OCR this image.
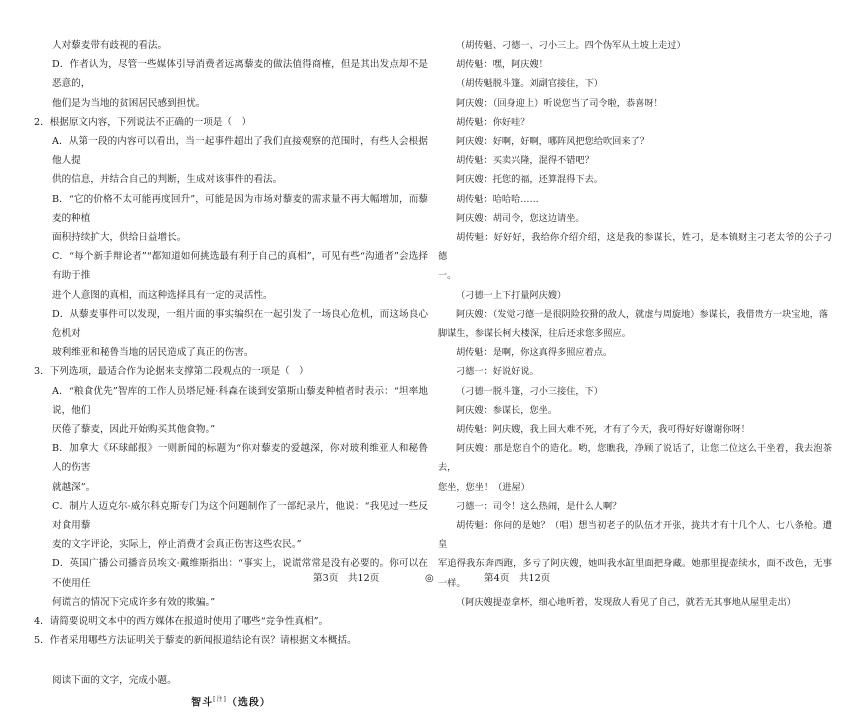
人对藜麦带有歧视的看法。

D．作者认为，尽管一些媒体引导消费者远离藜麦的做法值得商榷，但是其出发点却不是恶意的，

他们是为当地的贫困居民感到担忧。

2．根据原文内容，下列说法不正确的一项是（　）

A．从第一段的内容可以看出，当一起事件超出了我们直接观察的范围时，有些人会根据他人提

供的信息，并结合自己的判断，生成对该事件的看法。

B．“它的价格不太可能再度回升”，可能是因为市场对藜麦的需求量不再大幅增加，而藜麦的种植

面积持续扩大，供给日益增长。

C．“每个新手辩论者”“都知道如何挑选最有利于自己的真相”，可见有些“沟通者”会选择有助于推

进个人意图的真相，而这种选择具有一定的灵活性。

D．从藜麦事件可以发现，一组片面的事实编织在一起引发了一场良心危机，而这场良心危机对

玻利维亚和秘鲁当地的居民造成了真正的伤害。

3．下列选项，最适合作为论据来支撑第二段观点的一项是（　）

A．“粮食优先”智库的工作人员塔尼娅·科森在谈到安第斯山藜麦种植者时表示：“坦率地说，他们

厌倦了藜麦，因此开始购买其他食物。”

B．加拿大《环球邮报》一则新闻的标题为“你对藜麦的爱越深，你对玻利维亚人和秘鲁人的伤害

就越深”。

C．制片人迈克尔·威尔科克斯专门为这个问题制作了一部纪录片，他说：“我见过一些反对食用藜

麦的文字评论，实际上，停止消费才会真正伤害这些农民。”

D．英国广播公司播音员埃文·戴维斯指出：“事实上，说谎常常是没有必要的。你可以在不使用任

何谎言的情况下完成许多有效的欺骗。”

4．请简要说明文本中的西方媒体在报道时使用了哪些“竞争性真相”。

5．作者采用哪些方法证明关于藜麦的新闻报道结论有误？请根据文本概括。

阅读下面的文字，完成小题。

智斗[注]（选段）

（胡传魁、刁德一、刁小三上。四个伪军从土坡上走过）

胡传魁：嘿，阿庆嫂！

（胡传魁脱斗篷。刘副官接住，下）

阿庆嫂：（回身迎上）听说您当了司令啦，恭喜呀！

胡传魁：你好哇？

阿庆嫂：好啊，好啊，哪阵风把您给吹回来了？

胡传魁：买卖兴隆，混得不错吧？

阿庆嫂：托您的福，还算混得下去。

胡传魁：哈哈哈……

阿庆嫂：胡司令，您这边请坐。

胡传魁：好好好，我给你介绍介绍，这是我的参谋长，姓刁，是本镇财主刁老太爷的公子刁德

一。

（刁德一上下打量阿庆嫂）

阿庆嫂：（发觉刁德一是很阴险狡猾的敌人，就虚与周旋地）参谋长，我借贵方一块宝地，落

脚谋生，参谋长柯大楼深，往后还求您多照应。

胡传魁：是啊，你这真得多照应着点。

刁德一：好说好说。

（刁德一脱斗篷，刁小三接住，下）

阿庆嫂：参谋长，您坐。

胡传魁：阿庆嫂，我上回大难不死，才有了今天，我可得好好谢谢你呀！

阿庆嫂：那是您自个的造化。哟，您瞧我，净顾了说话了，让您二位这么干坐着，我去泡茶去，

您坐，您坐！（进屋）

刁德一：司令！这么热闹，是什么人啊？

胡传魁：你问的是她？（唱）想当初老子的队伍才开张，拢共才有十几个人、七八条枪。遭皇

军追得我东奔西跑，多亏了阿庆嫂，她叫我水缸里面把身藏。她那里提壶续水，面不改色，无事一样。

（阿庆嫂提壶拿杯，细心地听着，发现敌人看见了自己，就若无其事地从屋里走出）

第3页　共12页	◎	第4页　共12页
